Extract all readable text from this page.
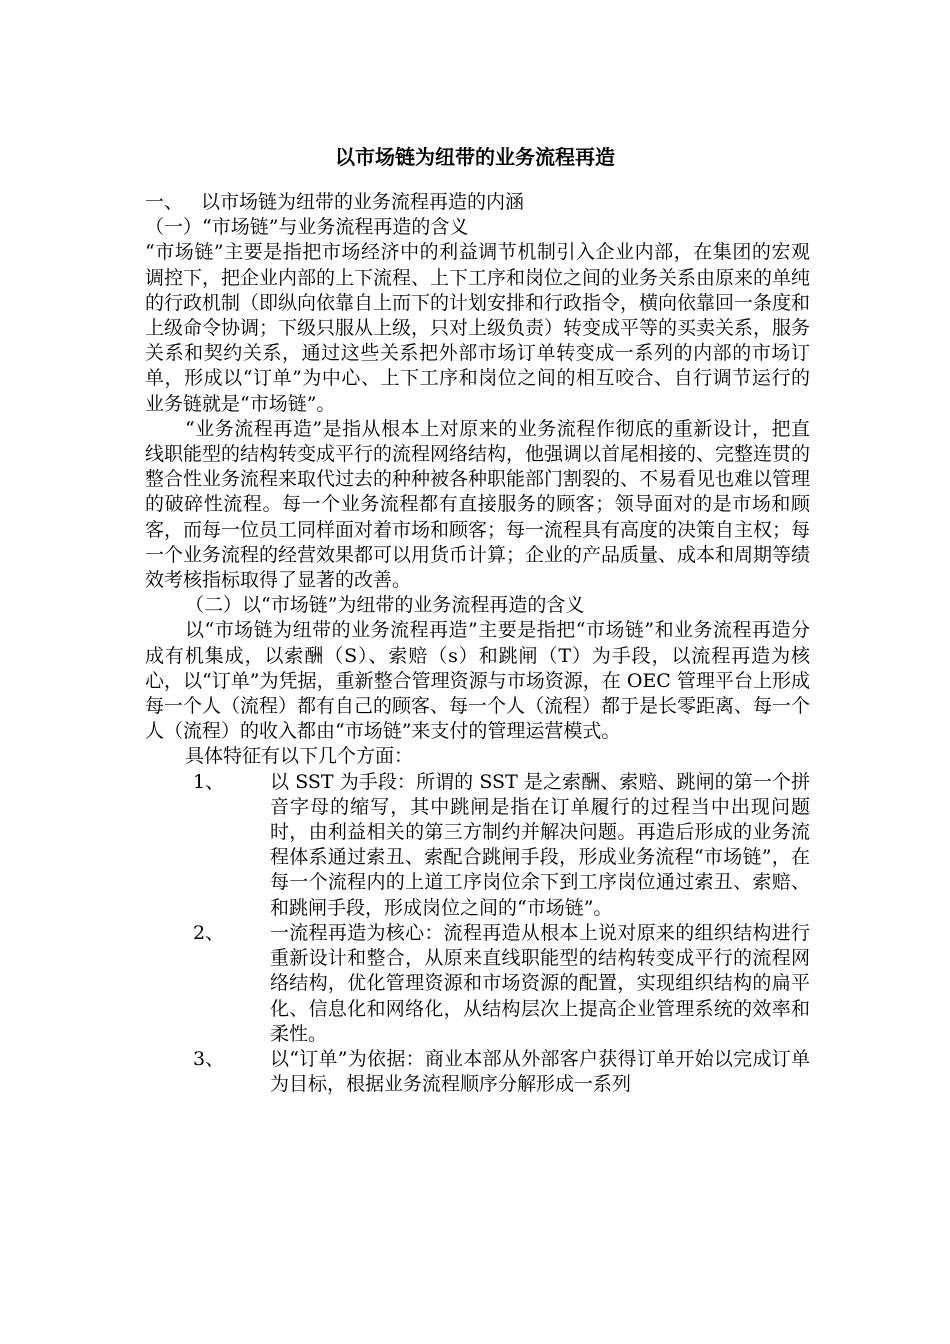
以市场链为纽带的业务流程再造

一、 以市场链为纽带的业务流程再造的内涵

（一）“市场链”与业务流程再造的含义

“市场链”主要是指把市场经济中的利益调节机制引入企业内部，在集团的宏观调控下，把企业内部的上下流程、上下工序和岗位之间的业务关系由原来的单纯的行政机制（即纵向依靠自上而下的计划安排和行政指令，横向依靠回一条度和上级命令协调；下级只服从上级，只对上级负责）转变成平等的买卖关系，服务关系和契约关系，通过这些关系把外部市场订单转变成一系列的内部的市场订单，形成以“订单”为中心、上下工序和岗位之间的相互咬合、自行调节运行的业务链就是“市场链”。

“业务流程再造”是指从根本上对原来的业务流程作彻底的重新设计，把直线职能型的结构转变成平行的流程网络结构，他强调以首尾相接的、完整连贯的整合性业务流程来取代过去的种种被各种职能部门割裂的、不易看见也难以管理的破碎性流程。每一个业务流程都有直接服务的顾客；领导面对的是市场和顾客，而每一位员工同样面对着市场和顾客；每一流程具有高度的决策自主权；每一个业务流程的经营效果都可以用货币计算；企业的产品质量、成本和周期等绩效考核指标取得了显著的改善。

（二）以“市场链”为纽带的业务流程再造的含义

以“市场链为纽带的业务流程再造”主要是指把“市场链”和业务流程再造分成有机集成，以索酬（S）、索赔（s）和跳闸（T）为手段，以流程再造为核心，以“订单”为凭据，重新整合管理资源与市场资源，在 OEC 管理平台上形成每一个人（流程）都有自己的顾客、每一个人（流程）都于是长零距离、每一个人（流程）的收入都由“市场链”来支付的管理运营模式。

具体特征有以下几个方面：

1、	以 SST 为手段：所谓的 SST 是之索酬、索赔、跳闸的第一个拼音字母的缩写，其中跳闸是指在订单履行的过程当中出现问题时，由利益相关的第三方制约并解决问题。再造后形成的业务流程体系通过索丑、索配合跳闸手段，形成业务流程“市场链”，在每一个流程内的上道工序岗位余下到工序岗位通过索丑、索赔、和跳闸手段，形成岗位之间的“市场链”。
2、	一流程再造为核心：流程再造从根本上说对原来的组织结构进行重新设计和整合，从原来直线职能型的结构转变成平行的流程网络结构，优化管理资源和市场资源的配置，实现组织结构的扁平化、信息化和网络化，从结构层次上提高企业管理系统的效率和柔性。
3、	以“订单”为依据：商业本部从外部客户获得订单开始以完成订单为目标，根据业务流程顺序分解形成一系列
